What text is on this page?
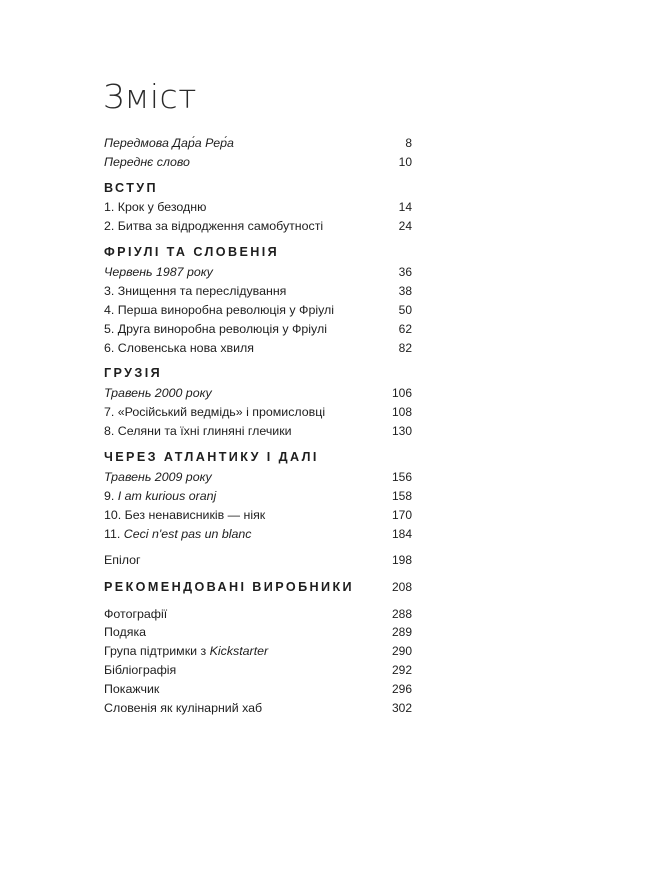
Зміст
Передмова Дар́а Рер́а	8
Переднє слово	10
ВСТУП
1. Крок у безодню	14
2. Битва за відродження самобутності	24
ФРІУЛІ ТА СЛОВЕНІЯ
Червень 1987 року	36
3. Знищення та переслідування	38
4. Перша винoробна революція у Фріулі	50
5. Друга винoробна революція у Фріулі	62
6. Словенська нова хвиля	82
ГРУЗІЯ
Травень 2000 року	106
7. «Російський ведмідь» і промисловці	108
8. Селяни та їхні глиняні глечики	130
ЧЕРЕЗ АТЛАНТИКУ І ДАЛІ
Травень 2009 року	156
9. I am kurious oranj	158
10. Без ненависників — ніяк	170
11. Ceci n'est pas un blanc	184
Епілог	198
РЕКОМЕНДОВАНІ ВИРОБНИКИ	208
Фотографії	288
Подяка	289
Група підтримки з Kickstarter	290
Бібліографія	292
Покажчик	296
Словенія як кулінарний хаб	302
